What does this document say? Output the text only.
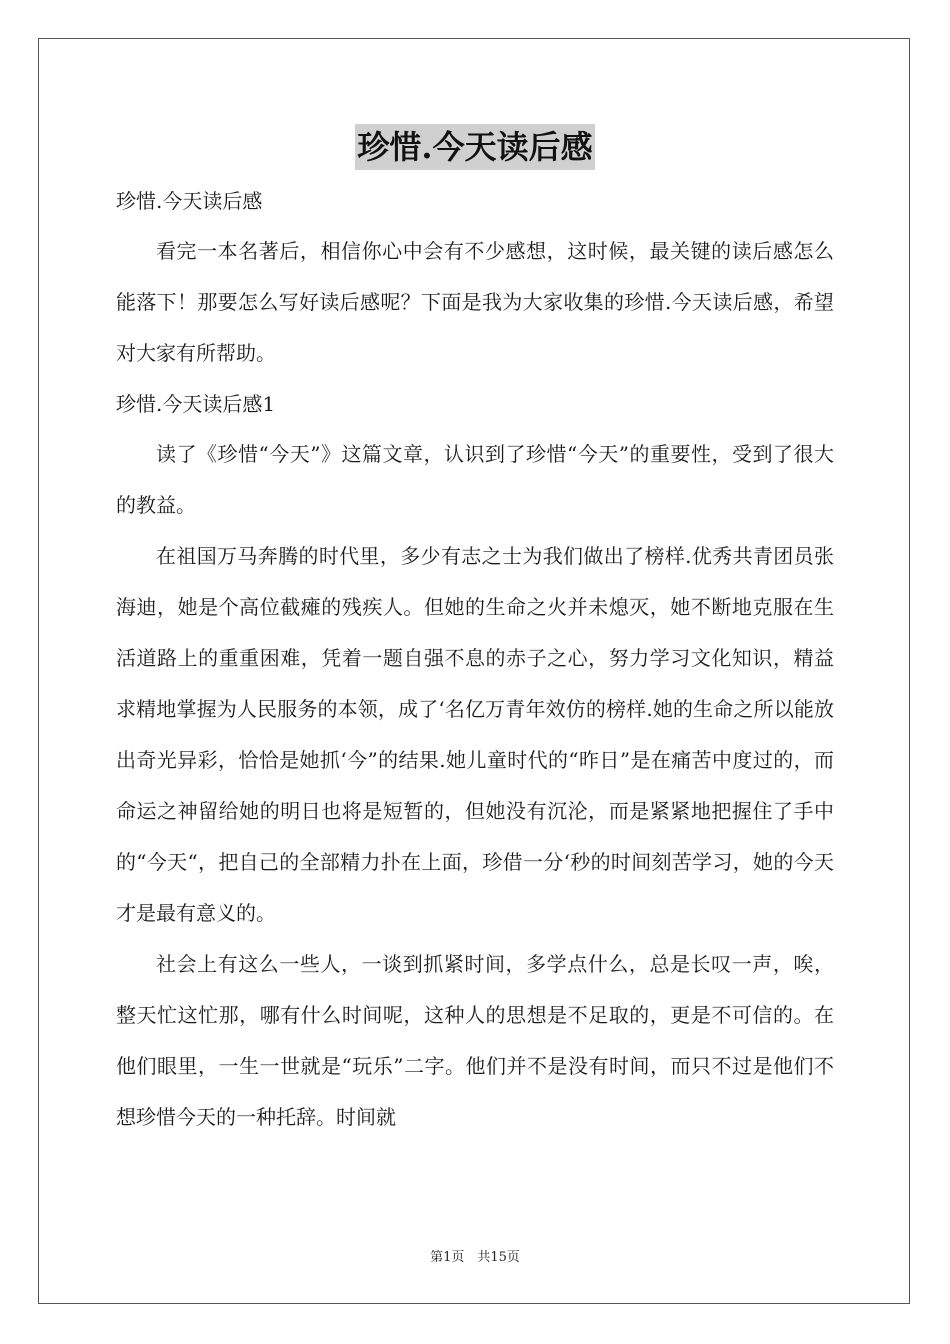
珍惜.今天读后感
珍惜.今天读后感

看完一本名著后，相信你心中会有不少感想，这时候，最关键的读后感怎么能落下！那要怎么写好读后感呢？下面是我为大家收集的珍惜.今天读后感，希望对大家有所帮助。

珍惜.今天读后感1

读了《珍惜“今天”》这篇文章，认识到了珍惜“今天”的重要性，受到了很大的教益。

在祖国万马奔腾的时代里，多少有志之士为我们做出了榜样.优秀共青团员张海迪，她是个高位截瘫的残疾人。但她的生命之火并未熄灭，她不断地克服在生活道路上的重重困难，凭着一题自强不息的赤子之心，努力学习文化知识，精益求精地掌握为人民服务的本领，成了‘名亿万青年效仿的榜样.她的生命之所以能放出奇光异彩，恰恰是她抓‘今”的结果.她儿童时代的“昨日”是在痛苦中度过的，而命运之神留给她的明日也将是短暂的，但她没有沉沦，而是紧紧地把握住了手中的“今天“，把自己的全部精力扑在上面，珍借一分‘秒的时间刻苦学习，她的今天才是最有意义的。

社会上有这么一些人，一谈到抓紧时间，多学点什么，总是长叹一声，唉，整天忙这忙那，哪有什么时间呢，这种人的思想是不足取的，更是不可信的。在他们眼里，一生一世就是“玩乐”二字。他们并不是没有时间，而只不过是他们不想珍惜今天的一种托辞。时间就

第1页　共15页
